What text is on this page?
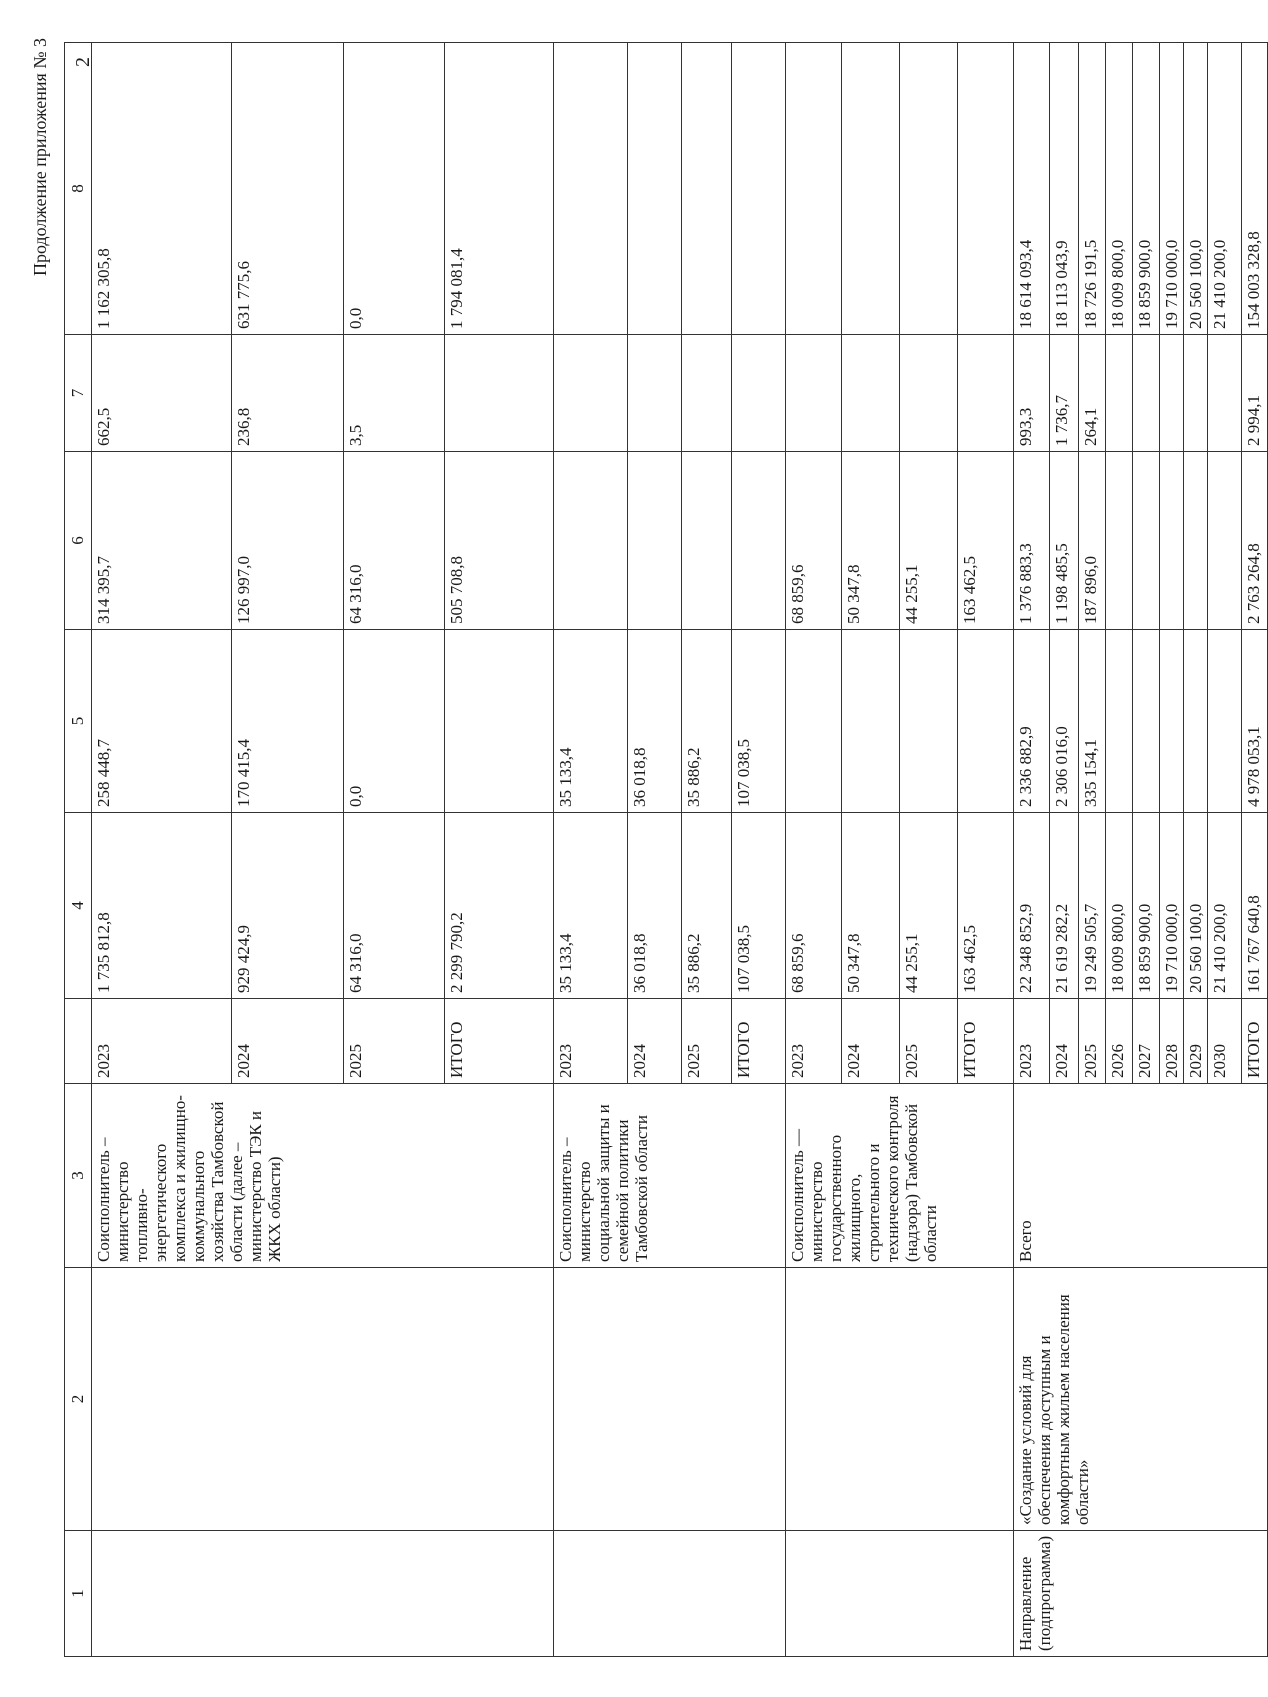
2
Продолжение приложения № 3
1	2	3		4	5	6	7	8
		Соисполнитель – министерство топливно-энергетического комплекса и жилищно-коммунального хозяйства Тамбовской области (далее – министерство ТЭК и ЖКХ области)	2023	1 735 812,8	258 448,7	314 395,7	662,5	1 162 305,8
			2024	929 424,9	170 415,4	126 997,0	236,8	631 775,6
			2025	64 316,0	0,0	64 316,0	3,5	0,0
			ИТОГО	2 299 790,2		505 708,8		1 794 081,4
		Соисполнитель – министерство социальной защиты и семейной политики Тамбовской области	2023	35 133,4	35 133,4			
			2024	36 018,8	36 018,8			
			2025	35 886,2	35 886,2			
			ИТОГО	107 038,5	107 038,5			
		Соисполнитель — министерство государственного жилищного, строительного и технического контроля (надзора) Тамбовской области	2023	68 859,6		68 859,6		
			2024	50 347,8		50 347,8		
			2025	44 255,1		44 255,1		
			ИТОГО	163 462,5		163 462,5		
Направление (подпрограмма)	«Создание условий для обеспечения доступным и комфортным жильем населения области»	Всего	2023	22 348 852,9	2 336 882,9	1 376 883,3	993,3	18 614 093,4
			2024	21 619 282,2	2 306 016,0	1 198 485,5	1 736,7	18 113 043,9
			2025	19 249 505,7	335 154,1	187 896,0	264,1	18 726 191,5
			2026	18 009 800,0				18 009 800,0
			2027	18 859 900,0				18 859 900,0
			2028	19 710 000,0				19 710 000,0
			2029	20 560 100,0				20 560 100,0
			2030	21 410 200,0				21 410 200,0
			ИТОГО	161 767 640,8	4 978 053,1	2 763 264,8	2 994,1	154 003 328,8
